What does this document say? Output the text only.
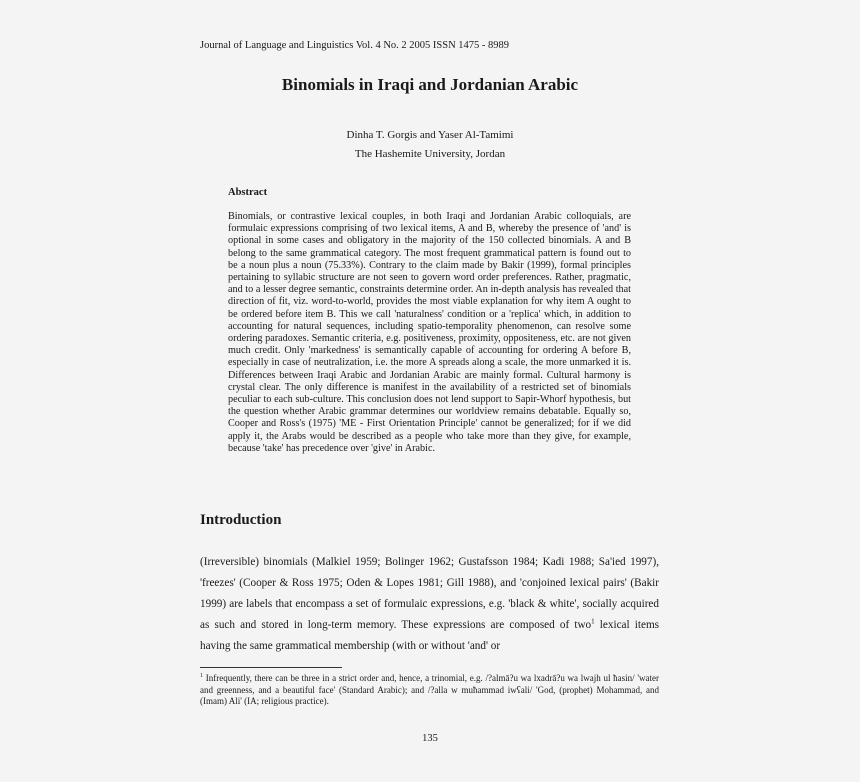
Journal of Language and Linguistics Vol. 4 No. 2 2005 ISSN 1475 - 8989
Binomials in Iraqi and Jordanian Arabic
Dinha T. Gorgis and Yaser Al-Tamimi
The Hashemite University, Jordan
Abstract

Binomials, or contrastive lexical couples, in both Iraqi and Jordanian Arabic colloquials, are formulaic expressions comprising of two lexical items, A and B, whereby the presence of 'and' is optional in some cases and obligatory in the majority of the 150 collected binomials. A and B belong to the same grammatical category. The most frequent grammatical pattern is found out to be a noun plus a noun (75.33%). Contrary to the claim made by Bakir (1999), formal principles pertaining to syllabic structure are not seen to govern word order preferences. Rather, pragmatic, and to a lesser degree semantic, constraints determine order. An in-depth analysis has revealed that direction of fit, viz. word-to-world, provides the most viable explanation for why item A ought to be ordered before item B. This we call 'naturalness' condition or a 'replica' which, in addition to accounting for natural sequences, including spatio-temporality phenomenon, can resolve some ordering paradoxes. Semantic criteria, e.g. positiveness, proximity, oppositeness, etc. are not given much credit. Only 'markedness' is semantically capable of accounting for ordering A before B, especially in case of neutralization, i.e. the more A spreads along a scale, the more unmarked it is. Differences between Iraqi Arabic and Jordanian Arabic are mainly formal. Cultural harmony is crystal clear. The only difference is manifest in the availability of a restricted set of binomials peculiar to each sub-culture. This conclusion does not lend support to Sapir-Whorf hypothesis, but the question whether Arabic grammar determines our worldview remains debatable. Equally so, Cooper and Ross's (1975) 'ME - First Orientation Principle' cannot be generalized; for if we did apply it, the Arabs would be described as a people who take more than they give, for example, because 'take' has precedence over 'give' in Arabic.

Introduction

(Irreversible) binomials (Malkiel 1959; Bolinger 1962; Gustafsson 1984; Kadi 1988; Sa'ied 1997), 'freezes' (Cooper & Ross 1975; Oden & Lopes 1981; Gill 1988), and 'conjoined lexical pairs' (Bakir 1999) are labels that encompass a set of formulaic expressions, e.g. 'black & white', socially acquired as such and stored in long-term memory. These expressions are composed of two$^1$ lexical items having the same grammatical membership (with or without 'and' or

$^1$ Infrequently, there can be three in a strict order and, hence, a trinomial, e.g. /?almā?u wa lxadrā?u wa lwajh ul ħasin/ 'water and greenness, and a beautiful face' (Standard Arabic); and /?alla w muħammad iwʕali/ 'God, (prophet) Mohammad, and (Imam) Ali' (IA; religious practice).

135
